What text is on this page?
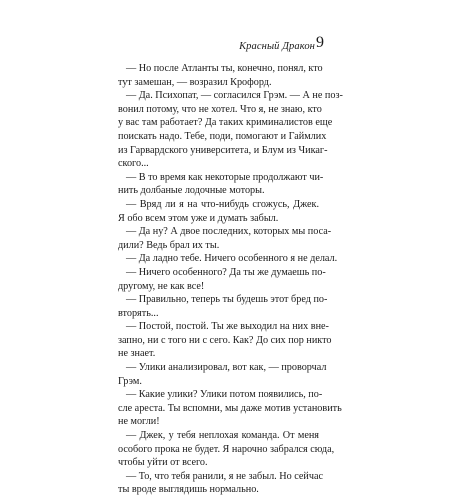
Красный Дракон 9
— Но после Атланты ты, конечно, понял, кто
тут замешан, — возразил Крофорд.
— Да. Психопат, — согласился Грэм. — А не поз-
вонил потому, что не хотел. Что я, не знаю, кто
у вас там работает? Да таких криминалистов еще
поискать надо. Тебе, поди, помогают и Гаймлих
из Гарвардского университета, и Блум из Чикаг-
ского...
— В то время как некоторые продолжают чи-
нить долбаные лодочные моторы.
— Вряд ли я на что-нибудь сгожусь, Джек.
Я обо всем этом уже и думать забыл.
— Да ну? А двое последних, которых мы поса-
дили? Ведь брал их ты.
— Да ладно тебе. Ничего особенного я не делал.
— Ничего особенного? Да ты же думаешь по-
другому, не как все!
— Правильно, теперь ты будешь этот бред по-
вторять...
— Постой, постой. Ты же выходил на них вне-
запно, ни с того ни с сего. Как? До сих пор никто
не знает.
— Улики анализировал, вот как, — проворчал
Грэм.
— Какие улики? Улики потом появились, по-
сле ареста. Ты вспомни, мы даже мотив установить
не могли!
— Джек, у тебя неплохая команда. От меня
особого прока не будет. Я нарочно забрался сюда,
чтобы уйти от всего.
— То, что тебя ранили, я не забыл. Но сейчас
ты вроде выглядишь нормально.
